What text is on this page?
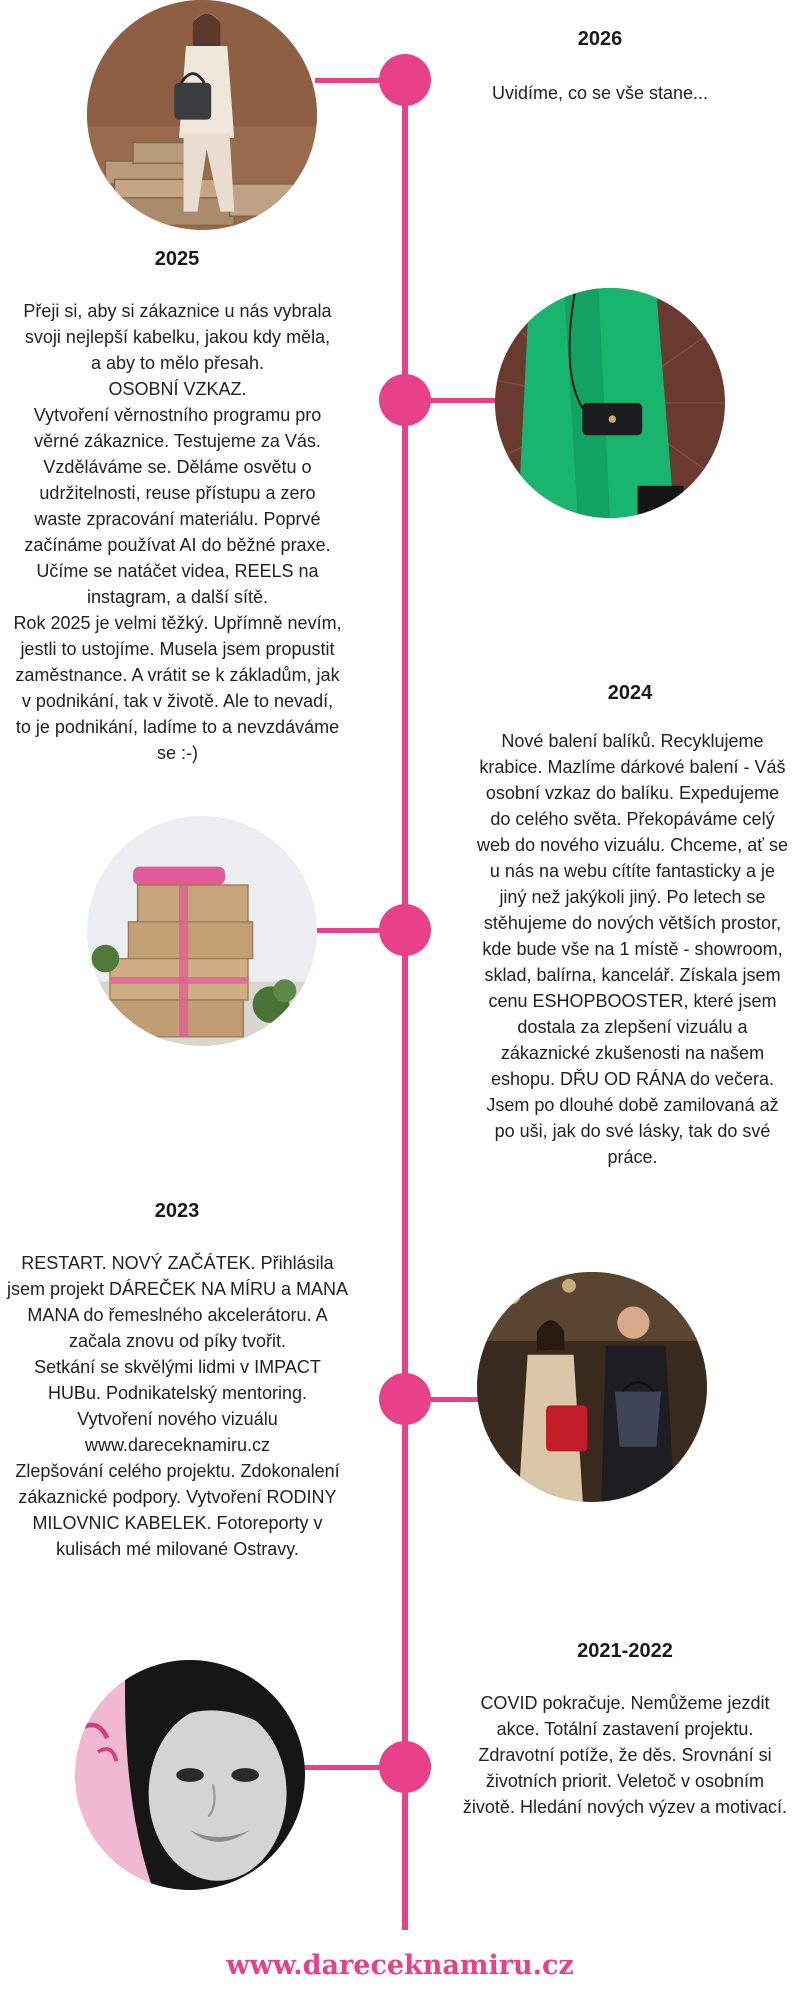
2026
Uvidíme, co se vše stane...
2025
Přeji si, aby si zákaznice u nás vybrala
svoji nejlepší kabelku, jakou kdy měla,
a aby to mělo přesah.
OSOBNÍ VZKAZ.
Vytvoření věrnostního programu pro
věrné zákaznice. Testujeme za Vás.
Vzděláváme se. Děláme osvětu o
udržitelnosti, reuse přístupu a zero
waste zpracování materiálu. Poprvé
začínáme používat AI do běžné praxe.
Učíme se natáčet videa, REELS na
instagram, a další sítě.
Rok 2025 je velmi těžký. Upřímně nevím,
jestli to ustojíme. Musela jsem propustit
zaměstnance. A vrátit se k základům, jak
v podnikání, tak v životě. Ale to nevadí,
to je podnikání, ladíme to a nevzdáváme
se :-)
2024
Nové balení balíků. Recyklujeme
krabice. Mazlíme dárkové balení - Váš
osobní vzkaz do balíku. Expedujeme
do celého světa. Překopáváme celý
web do nového vizuálu. Chceme, ať se
u nás na webu cítíte fantasticky a je
jiný než jakýkoli jiný. Po letech se
stěhujeme do nových větších prostor,
kde bude vše na 1 místě - showroom,
sklad, balírna, kancelář. Získala jsem
cenu ESHOPBOOSTER, které jsem
dostala za zlepšení vizuálu a
zákaznické zkušenosti na našem
eshopu. DŘU OD RÁNA do večera.
Jsem po dlouhé době zamilovaná až
po uši, jak do své lásky, tak do své
práce.
2023
RESTART. NOVÝ ZAČÁTEK. Přihlásila
jsem projekt DÁREČEK NA MÍRU a MANA
MANA do řemeslného akcelerátoru. A
začala znovu od píky tvořit.
Setkání se skvělými lidmi v IMPACT
HUBu. Podnikatelský mentoring.
Vytvoření nového vizuálu
www.dareceknamiru.cz
Zlepšování celého projektu. Zdokonalení
zákaznické podpory. Vytvoření RODINY
MILOVNIC KABELEK. Fotoreporty v
kulisách mé milované Ostravy.
2021-2022
COVID pokračuje. Nemůžeme jezdit
akce. Totální zastavení projektu.
Zdravotní potíže, že děs. Srovnání si
životních priorit. Veletoč v osobním
životě. Hledání nových výzev a motivací.
www.dareceknamiru.cz
